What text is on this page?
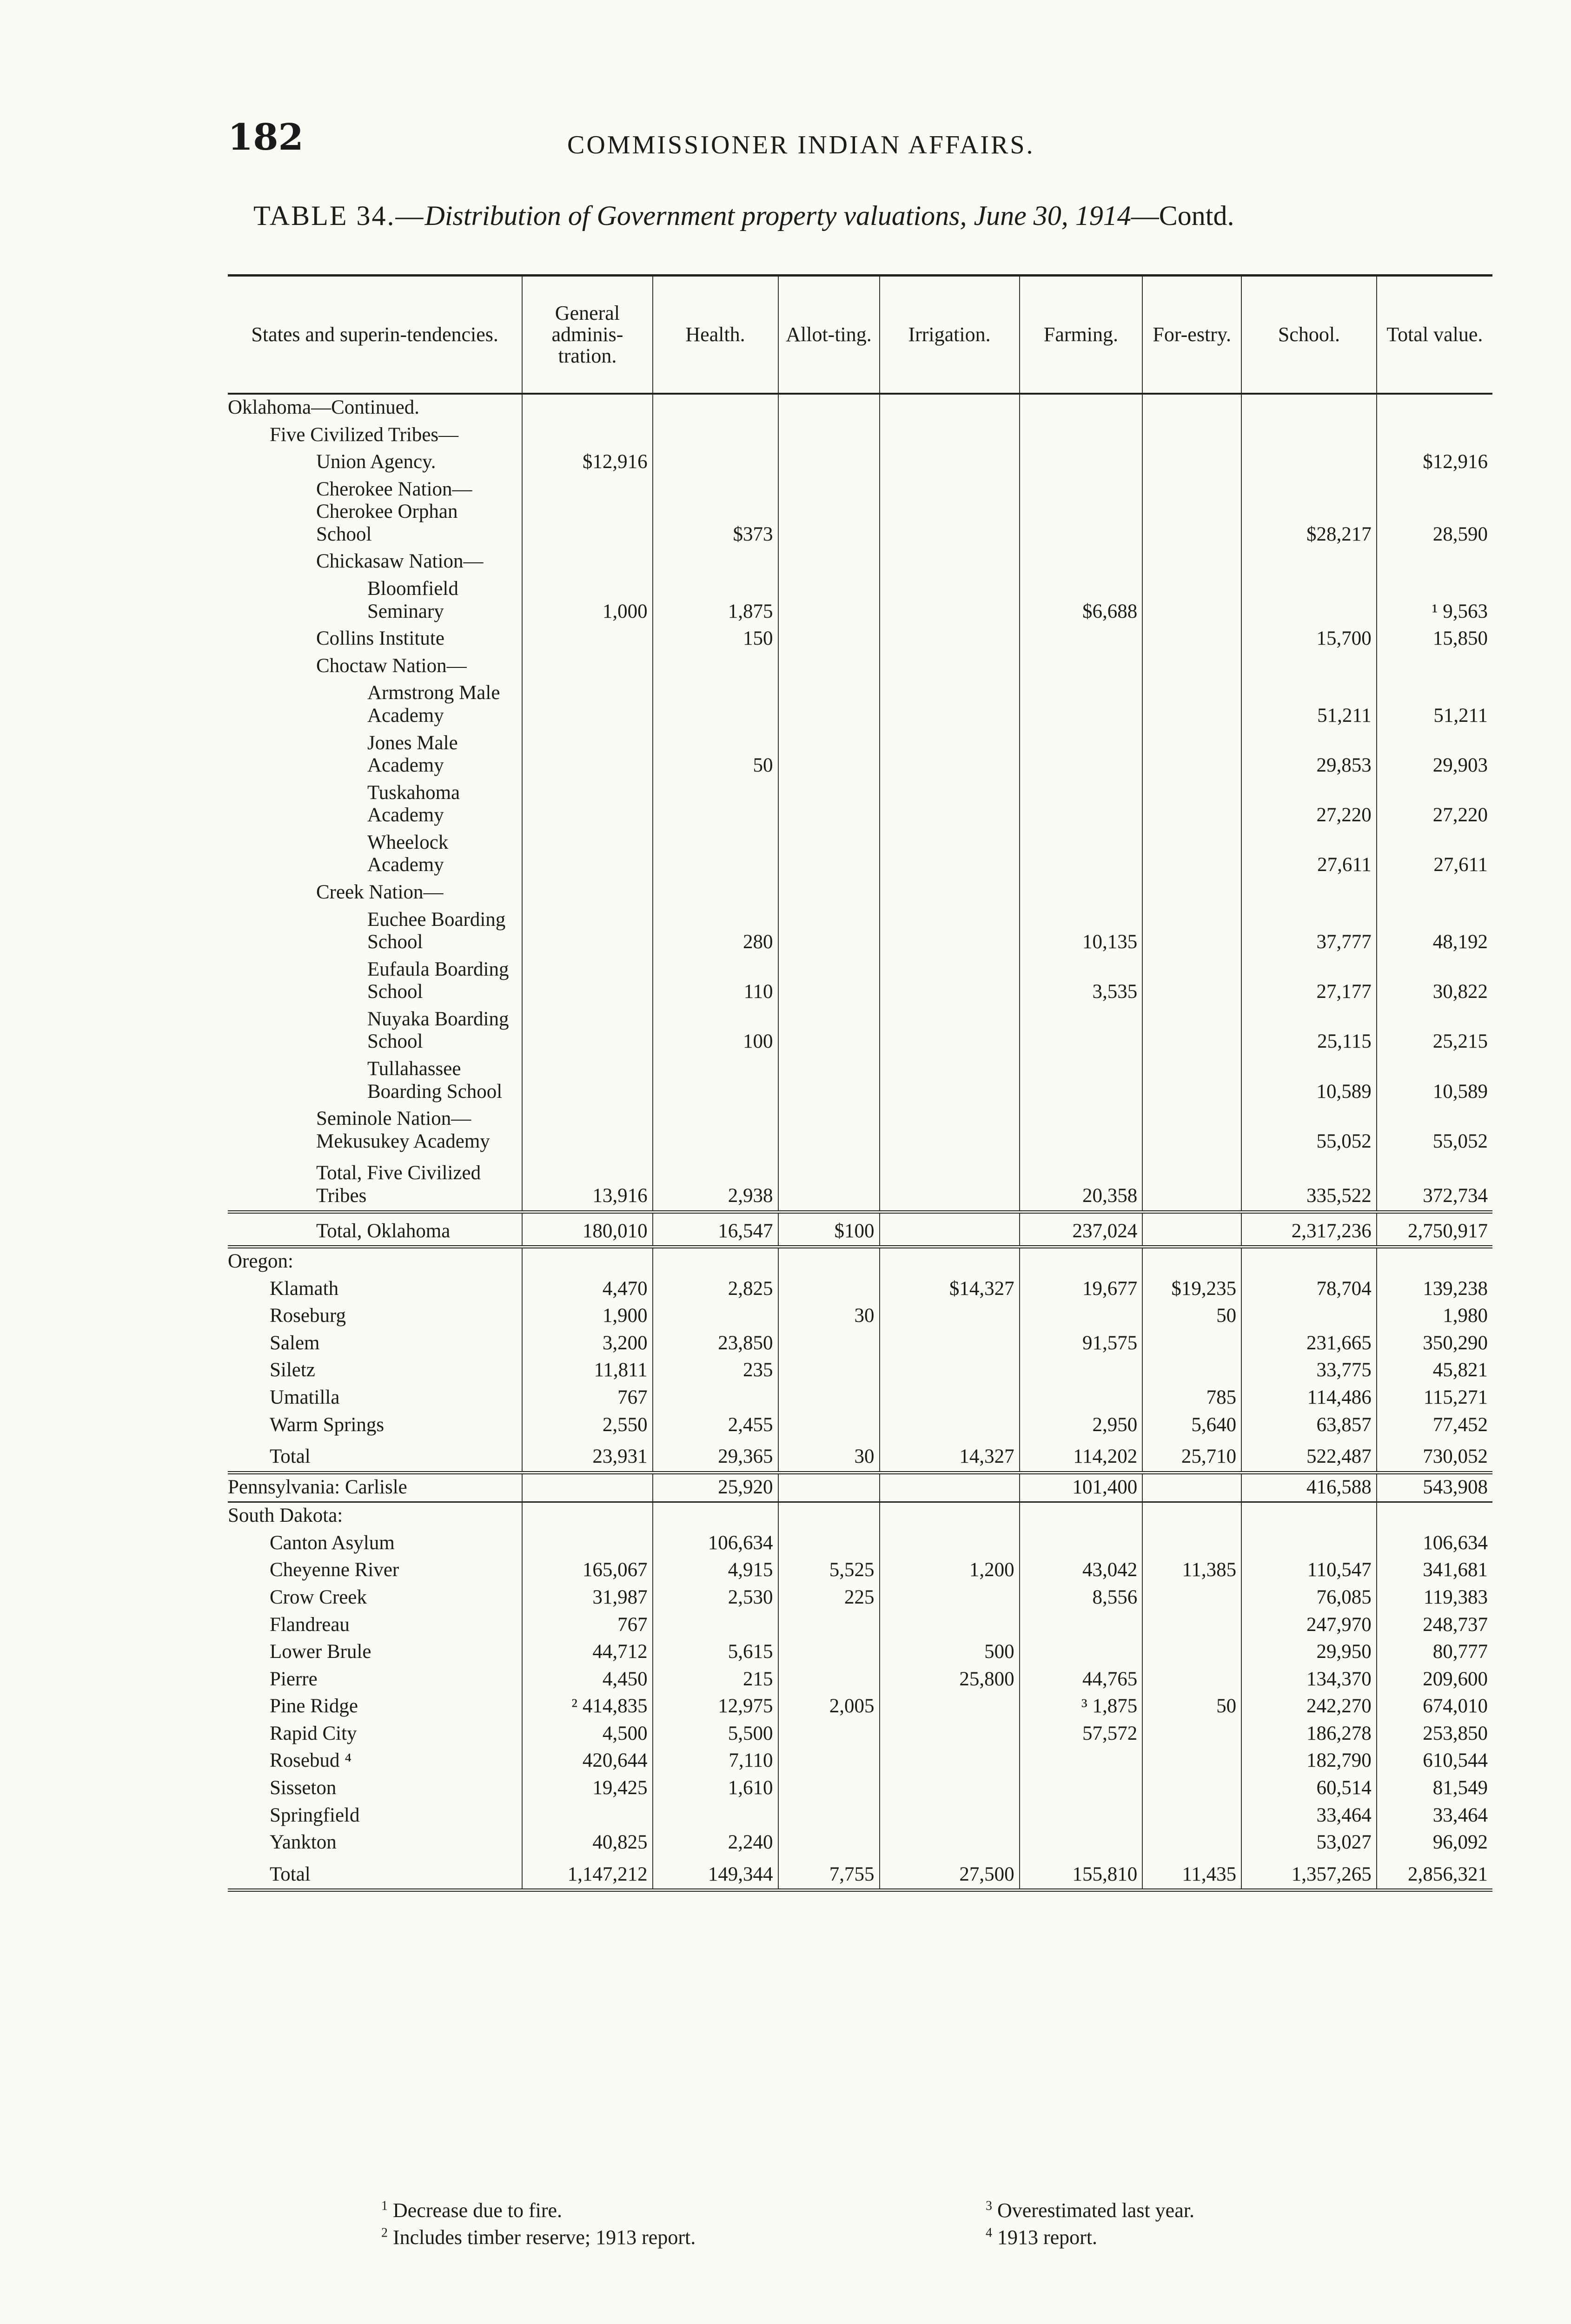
182	COMMISSIONER INDIAN AFFAIRS.
TABLE 34.—Distribution of Government property valuations, June 30, 1914—Contd.
States and superin-tendencies.	General adminis-tration.	Health.	Allot-ting.	Irrigation.	Farming.	For-estry.	School.	Total value.
Oklahoma—Continued.								
Five Civilized Tribes—								
Union Agency.	$12,916							$12,916
Cherokee Nation—Cherokee Orphan School		$373					$28,217	28,590
Chickasaw Nation—								
Bloomfield Seminary	1,000	1,875			$6,688			¹ 9,563
Collins Institute		150					15,700	15,850
Choctaw Nation—								
Armstrong Male Academy							51,211	51,211
Jones Male Academy		50					29,853	29,903
Tuskahoma Academy							27,220	27,220
Wheelock Academy							27,611	27,611
Creek Nation—								
Euchee Boarding School		280			10,135		37,777	48,192
Eufaula Boarding School		110			3,535		27,177	30,822
Nuyaka Boarding School		100					25,115	25,215
Tullahassee Boarding School							10,589	10,589
Seminole Nation—Mekusukey Academy							55,052	55,052
Total, Five Civilized Tribes	13,916	2,938			20,358		335,522	372,734
Total, Oklahoma	180,010	16,547	$100		237,024		2,317,236	2,750,917
Oregon:								
Klamath	4,470	2,825		$14,327	19,677	$19,235	78,704	139,238
Roseburg	1,900		30			50		1,980
Salem	3,200	23,850			91,575		231,665	350,290
Siletz	11,811	235					33,775	45,821
Umatilla	767					785	114,486	115,271
Warm Springs	2,550	2,455			2,950	5,640	63,857	77,452
Total	23,931	29,365	30	14,327	114,202	25,710	522,487	730,052
Pennsylvania: Carlisle		25,920			101,400		416,588	543,908
South Dakota:								
Canton Asylum		106,634						106,634
Cheyenne River	165,067	4,915	5,525	1,200	43,042	11,385	110,547	341,681
Crow Creek	31,987	2,530	225		8,556		76,085	119,383
Flandreau	767						247,970	248,737
Lower Brule	44,712	5,615		500			29,950	80,777
Pierre	4,450	215		25,800	44,765		134,370	209,600
Pine Ridge	² 414,835	12,975	2,005		³ 1,875	50	242,270	674,010
Rapid City	4,500	5,500			57,572		186,278	253,850
Rosebud ⁴	420,644	7,110					182,790	610,544
Sisseton	19,425	1,610					60,514	81,549
Springfield							33,464	33,464
Yankton	40,825	2,240					53,027	96,092
Total	1,147,212	149,344	7,755	27,500	155,810	11,435	1,357,265	2,856,321
$^1$ Decrease due to fire.
$^2$ Includes timber reserve; 1913 report.
$^3$ Overestimated last year.
$^4$ 1913 report.
